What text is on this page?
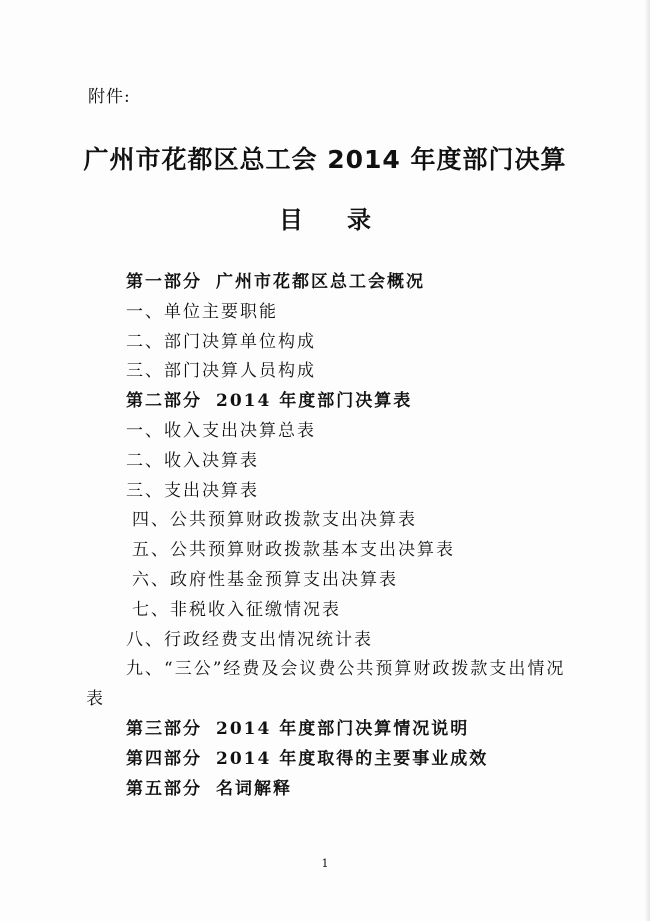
附件:
广州市花都区总工会 2014 年度部门决算
目录
第一部分 广州市花都区总工会概况
一、单位主要职能
二、部门决算单位构成
三、部门决算人员构成
第二部分 2014 年度部门决算表
一、收入支出决算总表
二、收入决算表
三、支出决算表
四、公共预算财政拨款支出决算表
五、公共预算财政拨款基本支出决算表
六、政府性基金预算支出决算表
七、非税收入征缴情况表
八、行政经费支出情况统计表
九、“三公”经费及会议费公共预算财政拨款支出情况
表
第三部分 2014 年度部门决算情况说明
第四部分 2014 年度取得的主要事业成效
第五部分 名词解释
1
